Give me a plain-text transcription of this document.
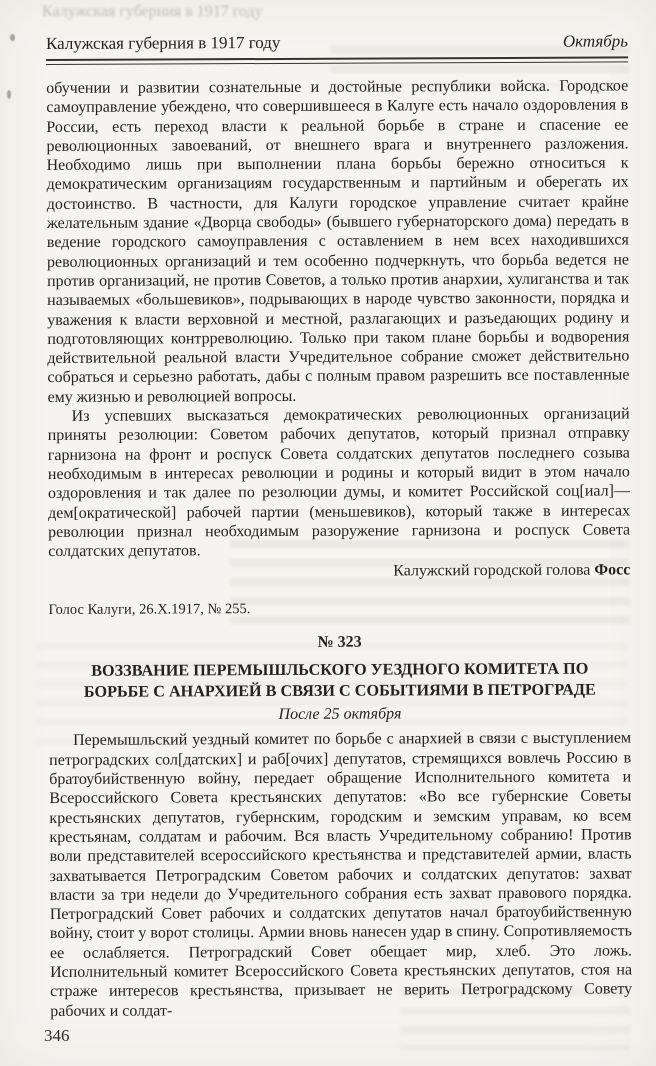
Калужская губерния в 1917 году
Калужская губерния в 1917 году	Октябрь

обучении и развитии сознательные и достойные республики войска. Городское самоуправление убеждено, что совершившееся в Калуге есть начало оздоровления в России, есть переход власти к реальной борьбе в стране и спасение ее революционных завоеваний, от внешнего врага и внутреннего разложения. Необходимо лишь при выполнении плана борьбы бережно относиться к демократическим организациям государственным и партийным и оберегать их достоинство. В частности, для Калуги городское управление считает крайне желательным здание «Дворца свободы» (бывшего губернаторского дома) передать в ведение городского самоуправления с оставлением в нем всех находившихся революционных организаций и тем особенно подчеркнуть, что борьба ведется не против организаций, не против Советов, а только против анархии, хулиганства и так называемых «большевиков», подрывающих в народе чувство законности, порядка и уважения к власти верховной и местной, разлагающих и разъедающих родину и подготовляющих контрреволюцию. Только при таком плане борьбы и водворения действительной реальной власти Учредительное собрание сможет действительно собраться и серьезно работать, дабы с полным правом разрешить все поставленные ему жизнью и революцией вопросы.

Из успевших высказаться демократических революционных организаций приняты резолюции: Советом рабочих депутатов, который признал отправку гарнизона на фронт и роспуск Совета солдатских депутатов последнего созыва необходимым в интересах революции и родины и который видит в этом начало оздоровления и так далее по резолюции думы, и комитет Российской соц[иал]—дем[ократической] рабочей партии (меньшевиков), который также в интересах революции признал необходимым разоружение гарнизона и роспуск Совета солдатских депутатов.

Калужский городской голова Фосс

Голос Калуги, 26.X.1917, № 255.

№ 323

ВОЗЗВАНИЕ ПЕРЕМЫШЛЬСКОГО УЕЗДНОГО КОМИТЕТА ПО БОРЬБЕ С АНАРХИЕЙ В СВЯЗИ С СОБЫТИЯМИ В ПЕТРОГРАДЕ

После 25 октября

Перемышльский уездный комитет по борьбе с анархией в связи с выступлением петроградских сол[датских] и раб[очих] депутатов, стремящихся вовлечь Россию в братоубийственную войну, передает обращение Исполнительного комитета и Всероссийского Совета крестьянских депутатов: «Во все губернские Советы крестьянских депутатов, губернским, городским и земским управам, ко всем крестьянам, солдатам и рабочим. Вся власть Учредительному собранию! Против воли представителей всероссийского крестьянства и представителей армии, власть захватывается Петроградским Советом рабочих и солдатских депутатов: захват власти за три недели до Учредительного собрания есть захват правового порядка. Петроградский Совет рабочих и солдатских депутатов начал братоубийственную войну, стоит у ворот столицы. Армии вновь нанесен удар в спину. Сопротивляемость ее ослабляется. Петроградский Совет обещает мир, хлеб. Это ложь. Исполнительный комитет Всероссийского Совета крестьянских депутатов, стоя на страже интересов крестьянства, призывает не верить Петроградскому Совету рабочих и солдат-

346
